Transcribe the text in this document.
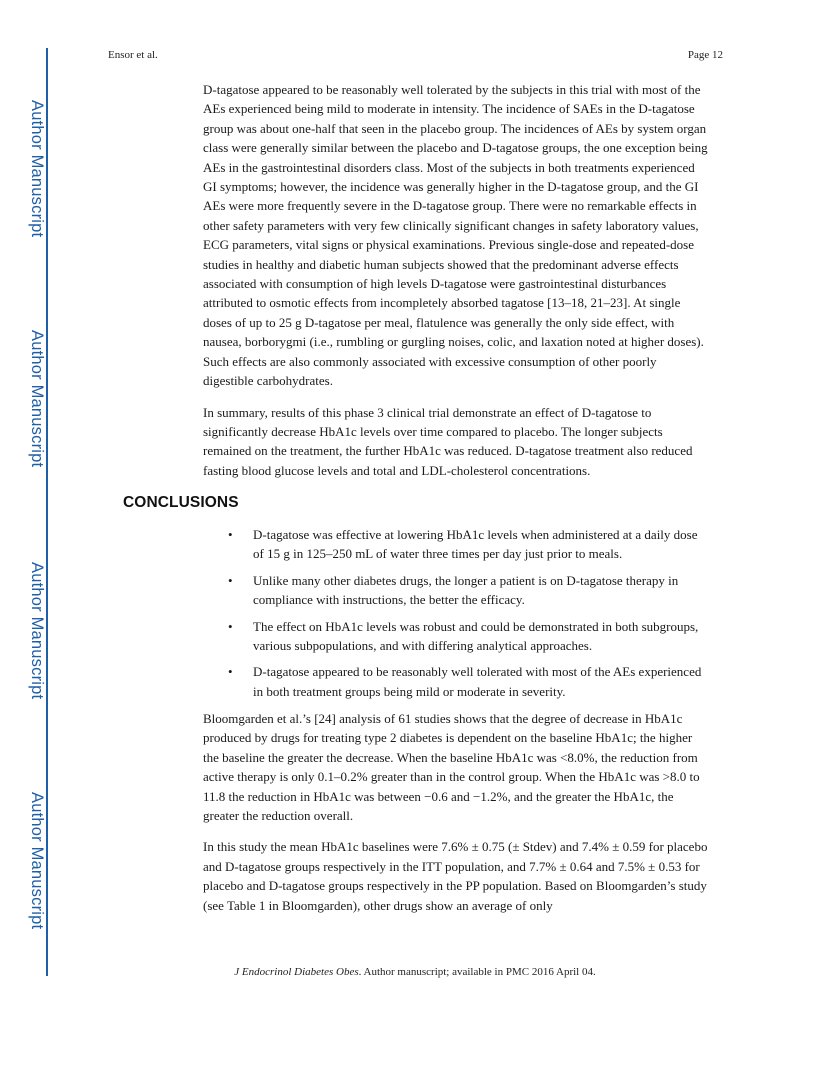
Author Manuscript
Author Manuscript
Author Manuscript
Author Manuscript
Ensor et al.	Page 12

D-tagatose appeared to be reasonably well tolerated by the subjects in this trial with most of the AEs experienced being mild to moderate in intensity. The incidence of SAEs in the D-tagatose group was about one-half that seen in the placebo group. The incidences of AEs by system organ class were generally similar between the placebo and D-tagatose groups, the one exception being AEs in the gastrointestinal disorders class. Most of the subjects in both treatments experienced GI symptoms; however, the incidence was generally higher in the D-tagatose group, and the GI AEs were more frequently severe in the D-tagatose group. There were no remarkable effects in other safety parameters with very few clinically significant changes in safety laboratory values, ECG parameters, vital signs or physical examinations. Previous single-dose and repeated-dose studies in healthy and diabetic human subjects showed that the predominant adverse effects associated with consumption of high levels D-tagatose were gastrointestinal disturbances attributed to osmotic effects from incompletely absorbed tagatose [13–18, 21–23]. At single doses of up to 25 g D-tagatose per meal, flatulence was generally the only side effect, with nausea, borborygmi (i.e., rumbling or gurgling noises, colic, and laxation noted at higher doses). Such effects are also commonly associated with excessive consumption of other poorly digestible carbohydrates.

In summary, results of this phase 3 clinical trial demonstrate an effect of D-tagatose to significantly decrease HbA1c levels over time compared to placebo. The longer subjects remained on the treatment, the further HbA1c was reduced. D-tagatose treatment also reduced fasting blood glucose levels and total and LDL-cholesterol concentrations.

CONCLUSIONS
• D-tagatose was effective at lowering HbA1c levels when administered at a daily dose of 15 g in 125–250 mL of water three times per day just prior to meals.
• Unlike many other diabetes drugs, the longer a patient is on D-tagatose therapy in compliance with instructions, the better the efficacy.
• The effect on HbA1c levels was robust and could be demonstrated in both subgroups, various subpopulations, and with differing analytical approaches.
• D-tagatose appeared to be reasonably well tolerated with most of the AEs experienced in both treatment groups being mild or moderate in severity.

Bloomgarden et al.’s [24] analysis of 61 studies shows that the degree of decrease in HbA1c produced by drugs for treating type 2 diabetes is dependent on the baseline HbA1c; the higher the baseline the greater the decrease. When the baseline HbA1c was <8.0%, the reduction from active therapy is only 0.1–0.2% greater than in the control group. When the HbA1c was >8.0 to 11.8 the reduction in HbA1c was between −0.6 and −1.2%, and the greater the HbA1c, the greater the reduction overall.

In this study the mean HbA1c baselines were 7.6% ± 0.75 (± Stdev) and 7.4% ± 0.59 for placebo and D-tagatose groups respectively in the ITT population, and 7.7% ± 0.64 and 7.5% ± 0.53 for placebo and D-tagatose groups respectively in the PP population. Based on Bloomgarden’s study (see Table 1 in Bloomgarden), other drugs show an average of only

J Endocrinol Diabetes Obes. Author manuscript; available in PMC 2016 April 04.
